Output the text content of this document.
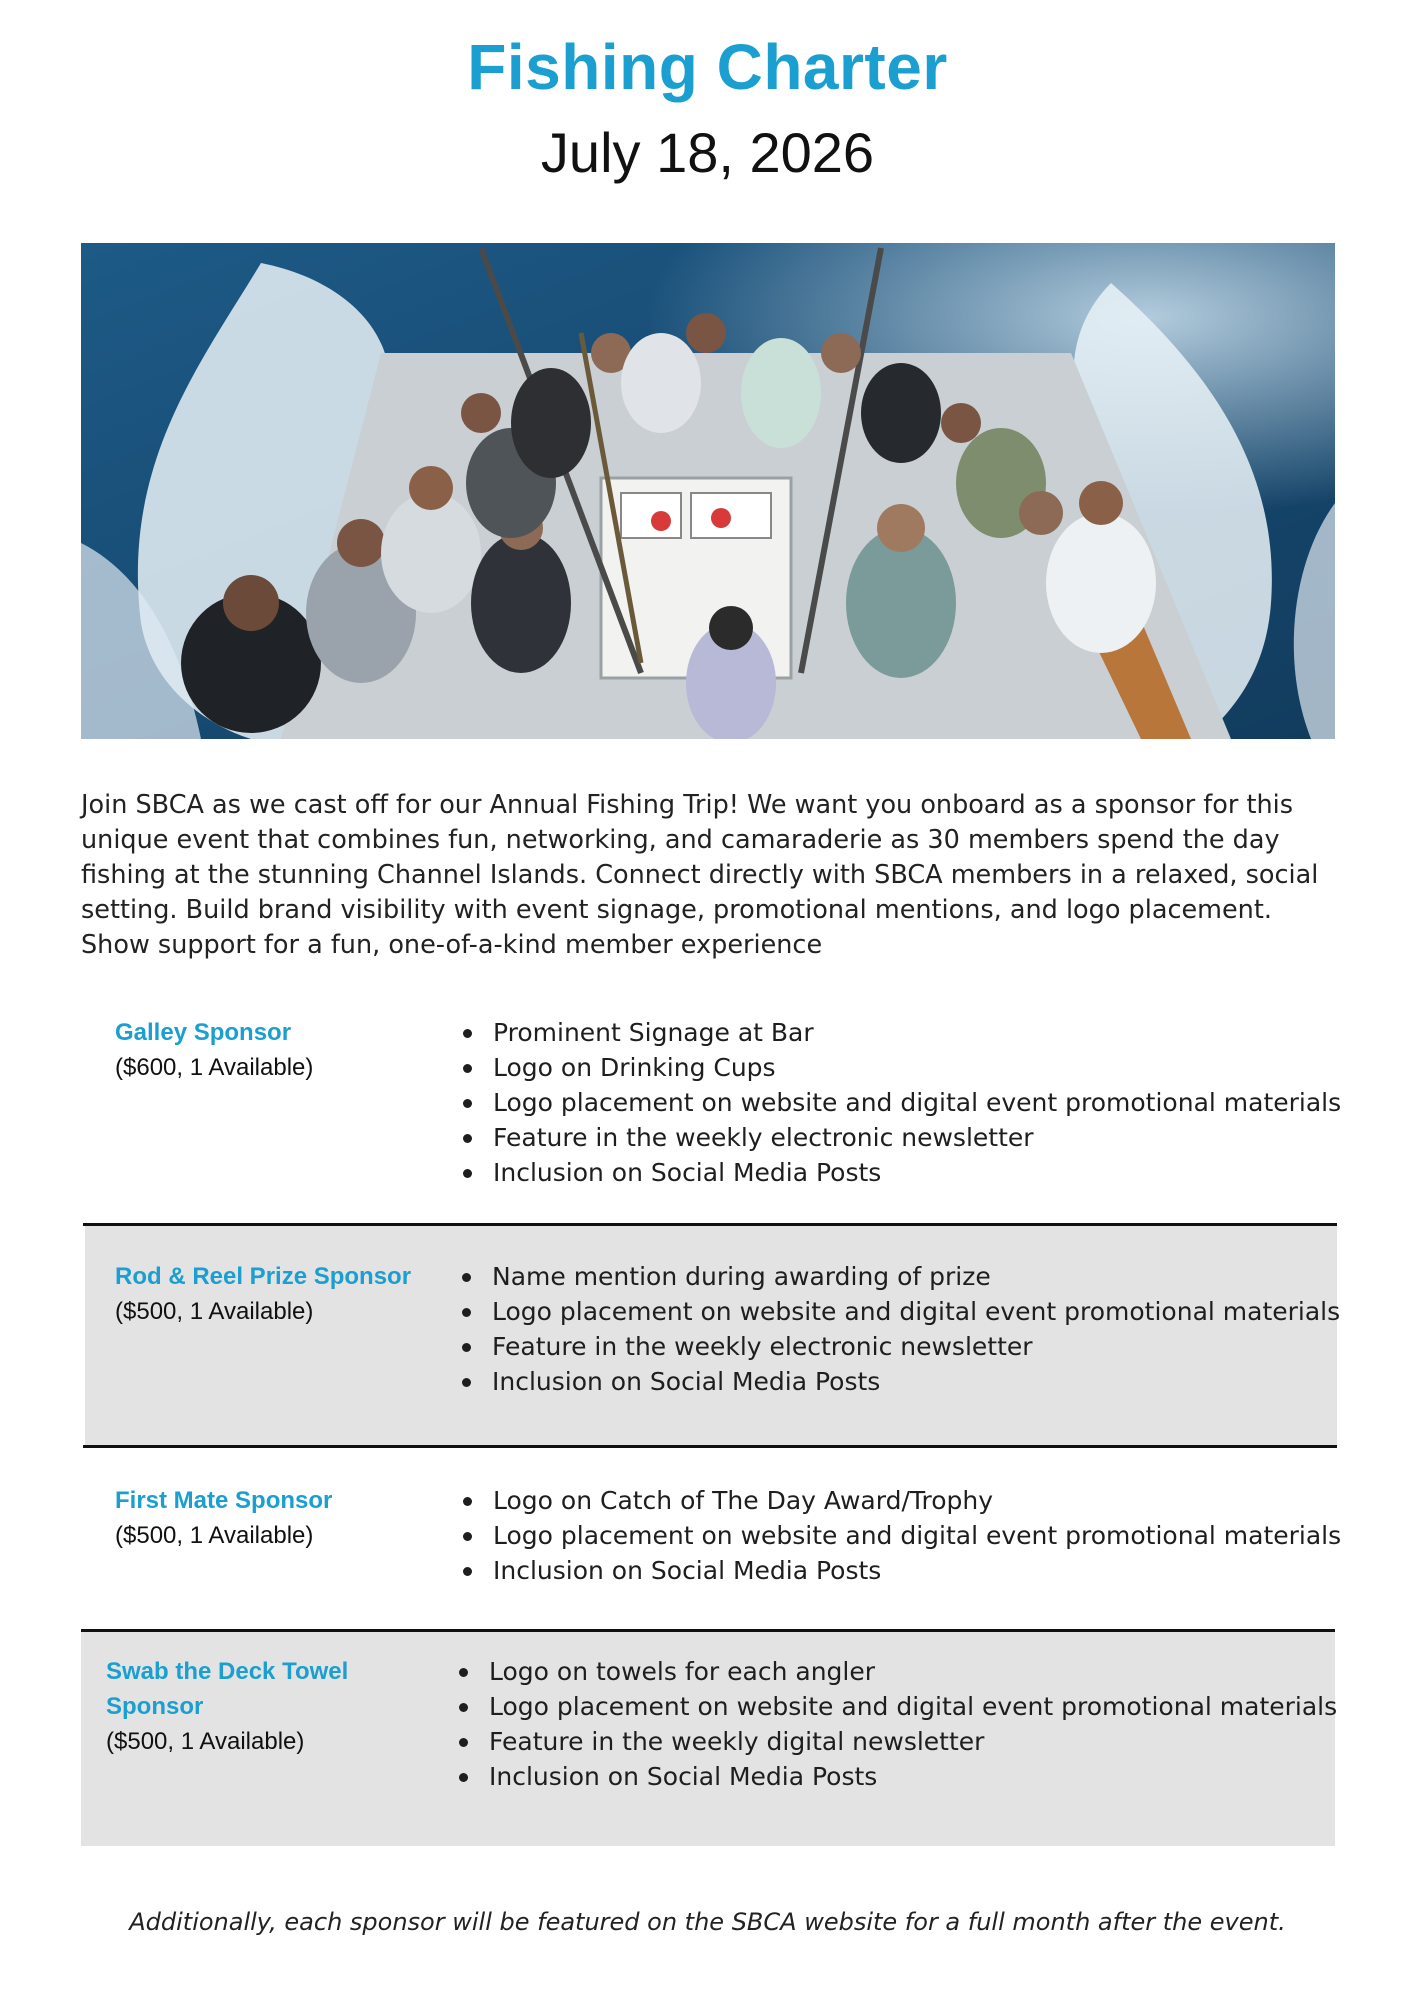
Fishing Charter
July 18, 2026
Join SBCA as we cast off for our Annual Fishing Trip! We want you onboard as a sponsor for this unique event that combines fun, networking, and camaraderie as 30 members spend the day fishing at the stunning Channel Islands. Connect directly with SBCA members in a relaxed, social setting. Build brand visibility with event signage, promotional mentions, and logo placement. Show support for a fun, one-of-a-kind member experience
Galley Sponsor
($600, 1 Available)
Prominent Signage at Bar
Logo on Drinking Cups
Logo placement on website and digital event promotional materials
Feature in the weekly electronic newsletter
Inclusion on Social Media Posts
Rod & Reel Prize Sponsor
($500, 1 Available)
Name mention during awarding of prize
Logo placement on website and digital event promotional materials
Feature in the weekly electronic newsletter
Inclusion on Social Media Posts
First Mate Sponsor
($500, 1 Available)
Logo on Catch of The Day Award/Trophy
Logo placement on website and digital event promotional materials
Inclusion on Social Media Posts
Swab the Deck Towel
Sponsor
($500, 1 Available)
Logo on towels for each angler
Logo placement on website and digital event promotional materials
Feature in the weekly digital newsletter
Inclusion on Social Media Posts
Additionally, each sponsor will be featured on the SBCA website for a full month after the event.
